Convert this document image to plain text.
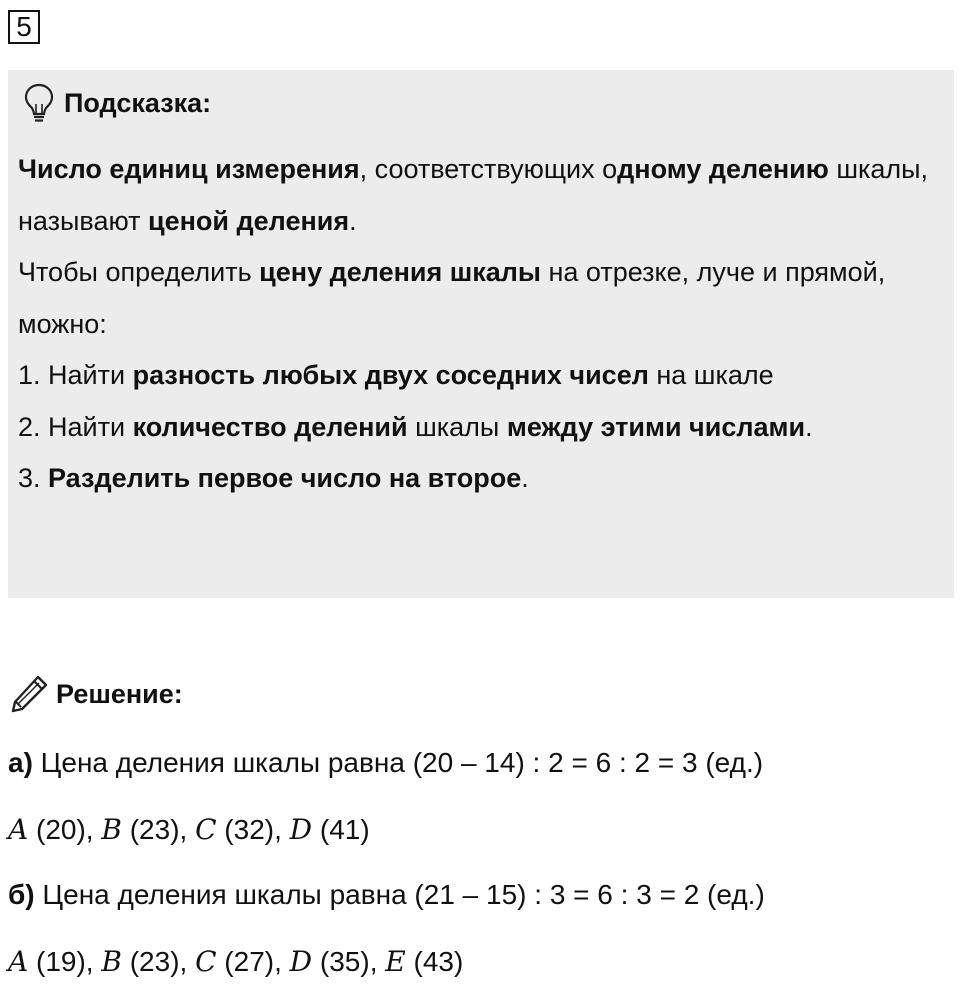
5
Подсказка:

Число единиц измерения, соответствующих одному делению шкалы, называют ценой деления.

Чтобы определить цену деления шкалы на отрезке, луче и прямой, можно:

1. Найти разность любых двух соседних чисел на шкале

2. Найти количество делений шкалы между этими числами.

3. Разделить первое число на второе.

Решение:
а) Цена деления шкалы равна (20 – 14) : 2 = 6 : 2 = 3 (ед.)
A (20), B (23), C (32), D (41)
б) Цена деления шкалы равна (21 – 15) : 3 = 6 : 3 = 2 (ед.)
A (19), B (23), C (27), D (35), E (43)
